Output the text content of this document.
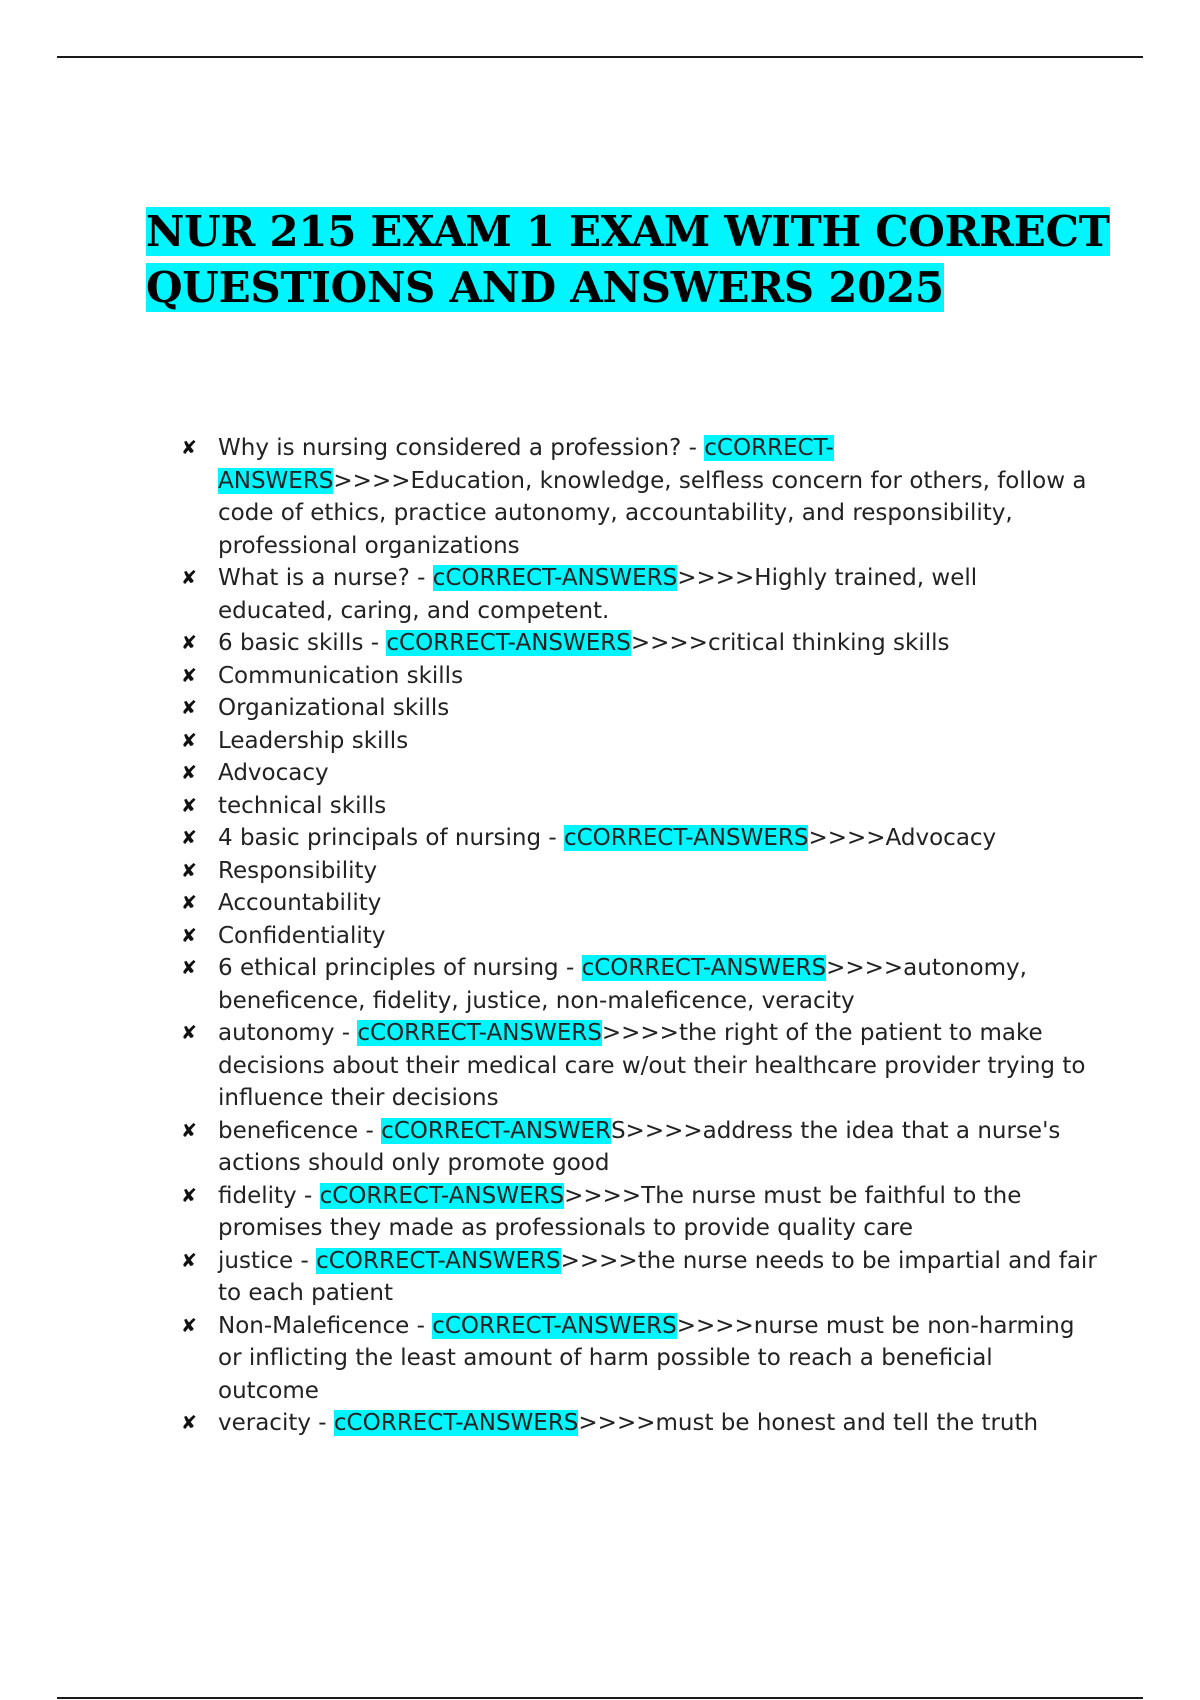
NUR 215 EXAM 1 EXAM WITH CORRECT QUESTIONS AND ANSWERS 2025
✘ Why is nursing considered a profession? - cCORRECT-ANSWERS>>>>Education, knowledge, selfless concern for others, follow a code of ethics, practice autonomy, accountability, and responsibility, professional organizations
✘ What is a nurse? - cCORRECT-ANSWERS>>>>Highly trained, well educated, caring, and competent.
✘ 6 basic skills - cCORRECT-ANSWERS>>>>critical thinking skills
✘ Communication skills
✘ Organizational skills
✘ Leadership skills
✘ Advocacy
✘ technical skills
✘ 4 basic principals of nursing - cCORRECT-ANSWERS>>>>Advocacy
✘ Responsibility
✘ Accountability
✘ Confidentiality
✘ 6 ethical principles of nursing - cCORRECT-ANSWERS>>>>autonomy, beneficence, fidelity, justice, non-maleficence, veracity
✘ autonomy - cCORRECT-ANSWERS>>>>the right of the patient to make decisions about their medical care w/out their healthcare provider trying to influence their decisions
✘ beneficence - cCORRECT-ANSWERS>>>>address the idea that a nurse's actions should only promote good
✘ fidelity - cCORRECT-ANSWERS>>>>The nurse must be faithful to the promises they made as professionals to provide quality care
✘ justice - cCORRECT-ANSWERS>>>>the nurse needs to be impartial and fair to each patient
✘ Non-Maleficence - cCORRECT-ANSWERS>>>>nurse must be non-harming or inflicting the least amount of harm possible to reach a beneficial outcome
✘ veracity - cCORRECT-ANSWERS>>>>must be honest and tell the truth
